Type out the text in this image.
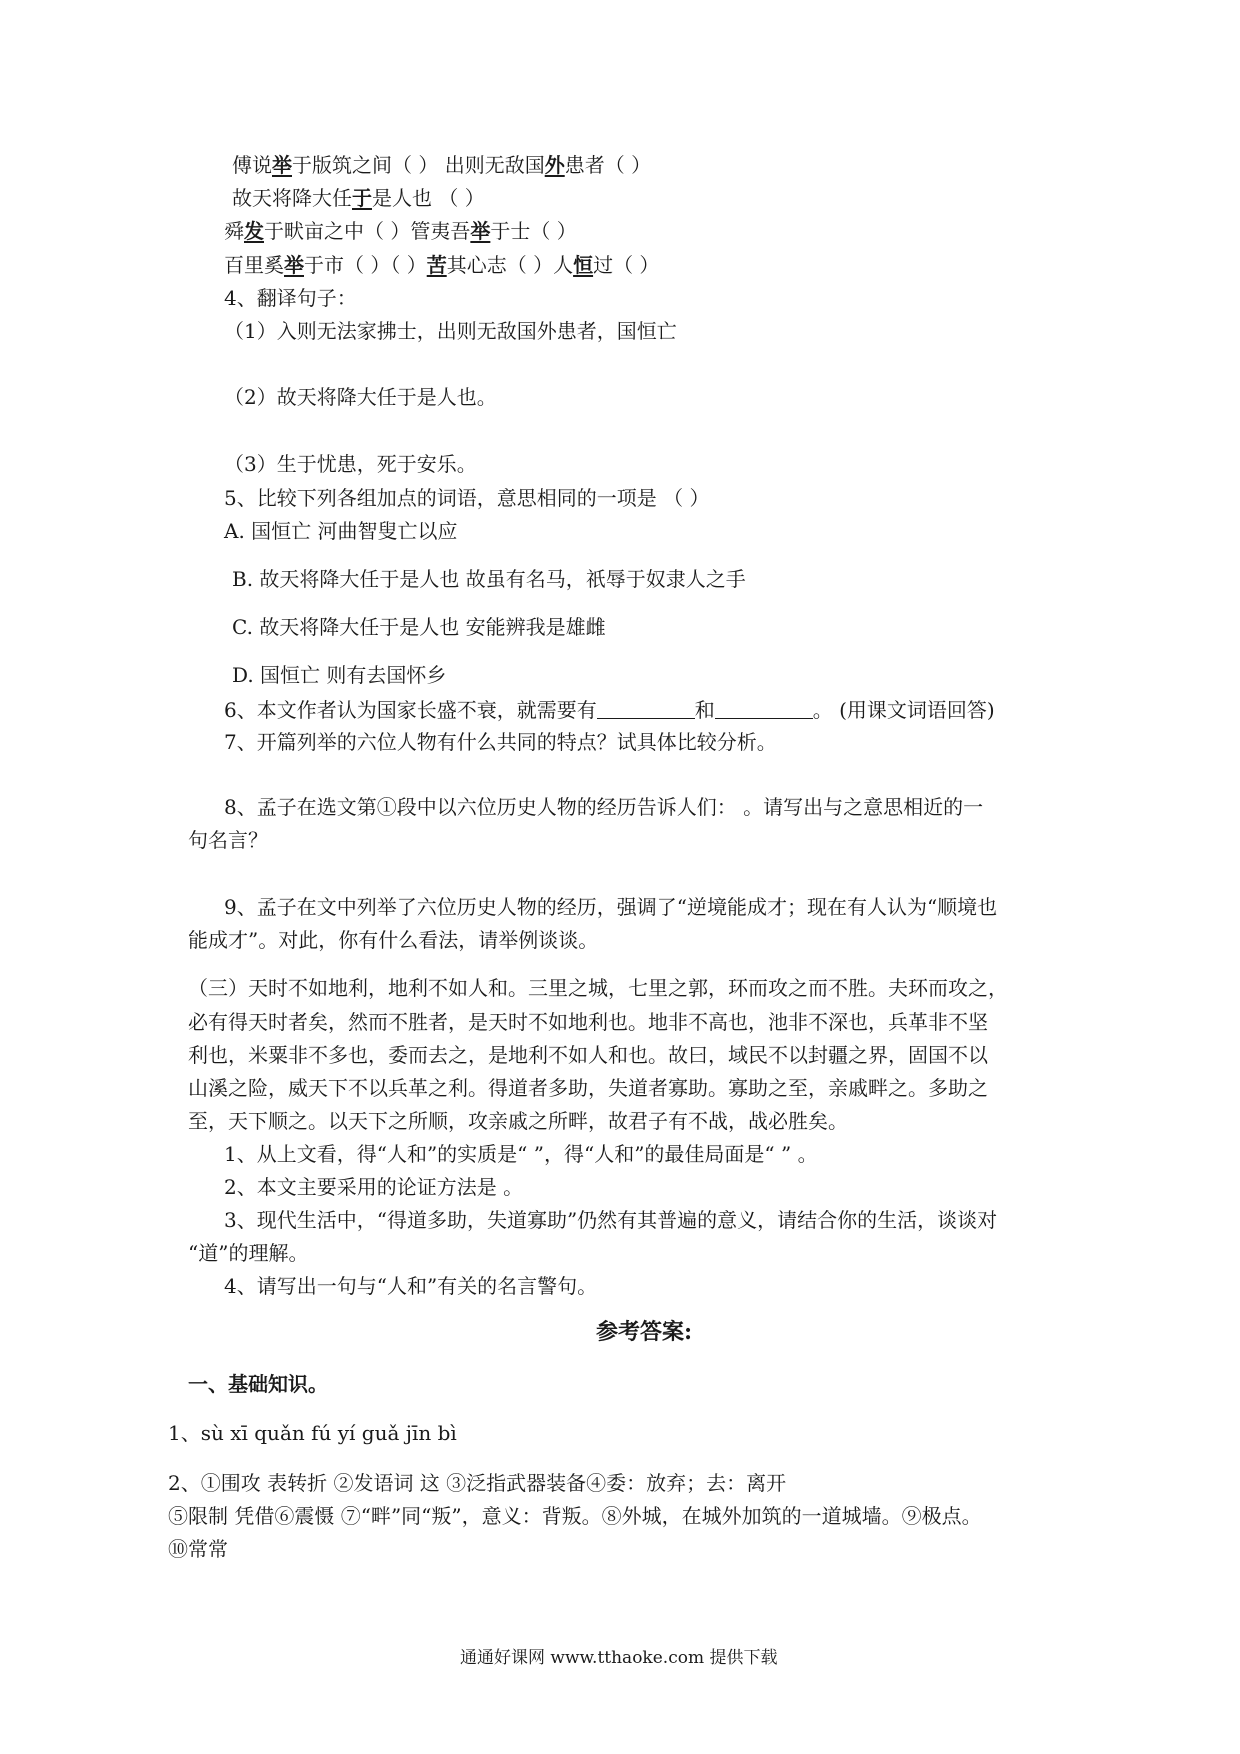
傅说举于版筑之间（ ） 出则无敌国外患者（ ）
故天将降大任于是人也 （ ）
舜发于畎亩之中（ ）管夷吾举于士（ ）
百里奚举于市（ ）（ ）苦其心志（ ）人恒过（ ）
4、翻译句子：
（1）入则无法家拂士，出则无敌国外患者，国恒亡
（2）故天将降大任于是人也。
（3）生于忧患，死于安乐。
5、比较下列各组加点的词语，意思相同的一项是 （ ）
A. 国恒亡 河曲智叟亡以应
B. 故天将降大任于是人也 故虽有名马，祇辱于奴隶人之手
C. 故天将降大任于是人也 安能辨我是雄雌
D. 国恒亡 则有去国怀乡
6、本文作者认为国家长盛不衰，就需要有	和	。 (用课文词语回答)
7、开篇列举的六位人物有什么共同的特点？试具体比较分析。
8、孟子在选文第①段中以六位历史人物的经历告诉人们： 。请写出与之意思相近的一
句名言？
9、孟子在文中列举了六位历史人物的经历，强调了“逆境能成才；现在有人认为“顺境也
能成才”。对此，你有什么看法，请举例谈谈。
（三）天时不如地利，地利不如人和。三里之城，七里之郭，环而攻之而不胜。夫环而攻之，
必有得天时者矣，然而不胜者，是天时不如地利也。地非不高也，池非不深也，兵革非不坚
利也，米粟非不多也，委而去之，是地利不如人和也。故曰，域民不以封疆之界，固国不以
山溪之险，威天下不以兵革之利。得道者多助，失道者寡助。寡助之至，亲戚畔之。多助之
至，天下顺之。以天下之所顺，攻亲戚之所畔，故君子有不战，战必胜矣。
1、从上文看，得“人和”的实质是“ ”，得“人和”的最佳局面是“ ” 。
2、本文主要采用的论证方法是 。
3、现代生活中，“得道多助，失道寡助”仍然有其普遍的意义，请结合你的生活，谈谈对
“道”的理解。
4、请写出一句与“人和”有关的名言警句。
参考答案:
一、基础知识。
1、sù xī quǎn fú yí guǎ jīn bì
2、①围攻 表转折 ②发语词 这 ③泛指武器装备④委：放弃；去：离开
⑤限制 凭借⑥震慑 ⑦“畔”同“叛”，意义：背叛。⑧外城，在城外加筑的一道城墙。⑨极点。
⑩常常
通通好课网 www.tthaoke.com 提供下载
